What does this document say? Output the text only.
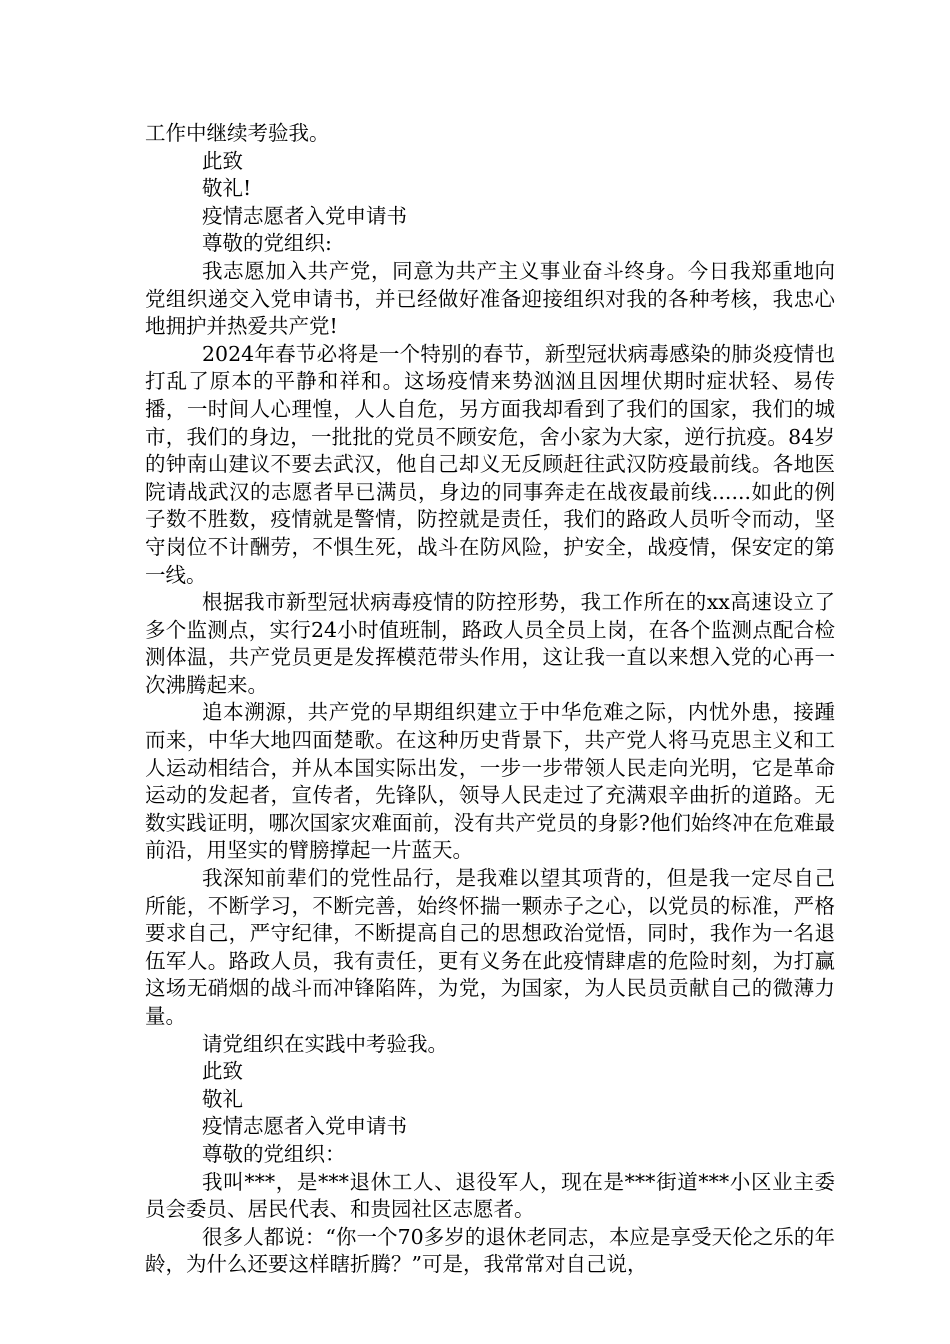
工作中继续考验我。

此致

敬礼!

疫情志愿者入党申请书

尊敬的党组织:

我志愿加入共产党，同意为共产主义事业奋斗终身。今日我郑重地向党组织递交入党申请书，并已经做好准备迎接组织对我的各种考核，我忠心地拥护并热爱共产党!

2024年春节必将是一个特别的春节，新型冠状病毒感染的肺炎疫情也打乱了原本的平静和祥和。这场疫情来势汹汹且因埋伏期时症状轻、易传播，一时间人心理惶，人人自危，另方面我却看到了我们的国家，我们的城市，我们的身边，一批批的党员不顾安危，舍小家为大家，逆行抗疫。84岁的钟南山建议不要去武汉，他自己却义无反顾赶往武汉防疫最前线。各地医院请战武汉的志愿者早已满员，身边的同事奔走在战夜最前线......如此的例子数不胜数，疫情就是警情，防控就是责任，我们的路政人员听令而动，坚守岗位不计酬劳，不惧生死，战斗在防风险，护安全，战疫情，保安定的第一线。

根据我市新型冠状病毒疫情的防控形势，我工作所在的xx高速设立了多个监测点，实行24小时值班制，路政人员全员上岗，在各个监测点配合检测体温，共产党员更是发挥模范带头作用，这让我一直以来想入党的心再一次沸腾起来。

追本溯源，共产党的早期组织建立于中华危难之际，内忧外患，接踵而来，中华大地四面楚歌。在这种历史背景下，共产党人将马克思主义和工人运动相结合，并从本国实际出发，一步一步带领人民走向光明，它是革命运动的发起者，宣传者，先锋队，领导人民走过了充满艰辛曲折的道路。无数实践证明，哪次国家灾难面前，没有共产党员的身影?他们始终冲在危难最前沿，用坚实的臂膀撑起一片蓝天。

我深知前辈们的党性品行，是我难以望其项背的，但是我一定尽自己所能，不断学习，不断完善，始终怀揣一颗赤子之心，以党员的标准，严格要求自己，严守纪律，不断提高自己的思想政治觉悟，同时，我作为一名退伍军人。路政人员，我有责任，更有义务在此疫情肆虐的危险时刻，为打赢这场无硝烟的战斗而冲锋陷阵，为党，为国家，为人民员贡献自己的微薄力量。

请党组织在实践中考验我。

此致

敬礼

疫情志愿者入党申请书

尊敬的党组织：

我叫***，是***退休工人、退役军人，现在是***街道***小区业主委员会委员、居民代表、和贵园社区志愿者。

很多人都说：“你一个70多岁的退休老同志，本应是享受天伦之乐的年龄，为什么还要这样瞎折腾？”可是，我常常对自己说，
